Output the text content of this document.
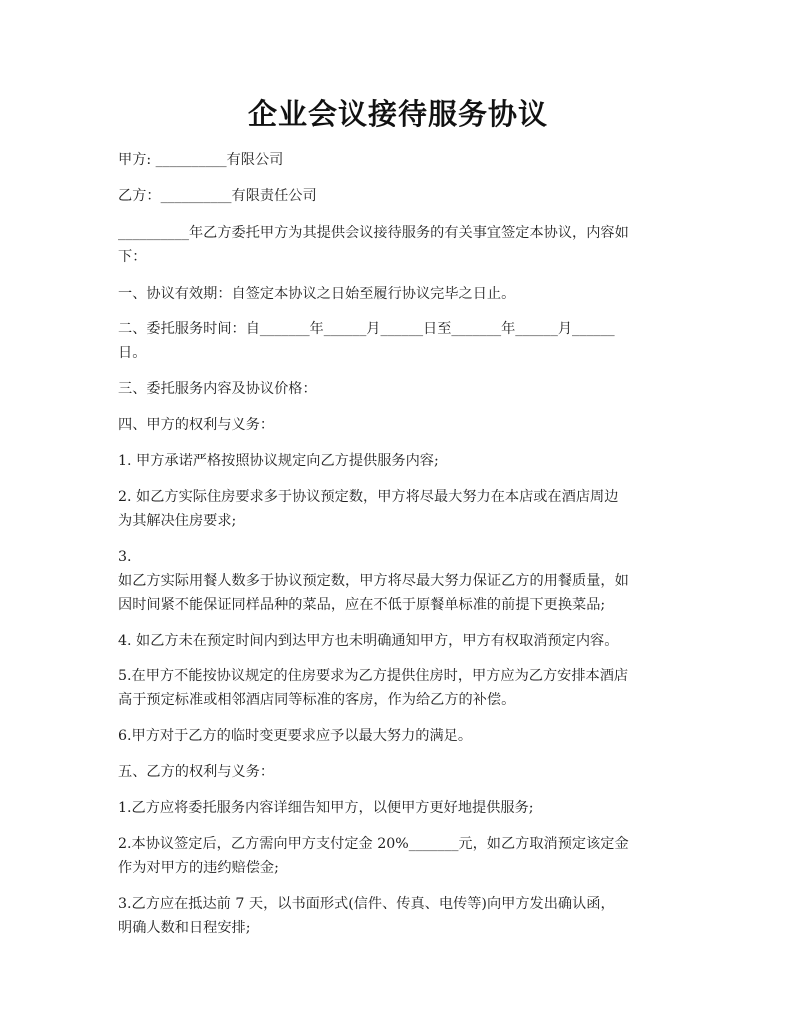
企业会议接待服务协议
甲方: __________有限公司
乙方：__________有限责任公司
__________年乙方委托甲方为其提供会议接待服务的有关事宜签定本协议，内容如
下：
一、协议有效期：自签定本协议之日始至履行协议完毕之日止。
二、委托服务时间：自_______年______月______日至_______年______月______
日。
三、委托服务内容及协议价格：
四、甲方的权利与义务：
1. 甲方承诺严格按照协议规定向乙方提供服务内容;
2. 如乙方实际住房要求多于协议预定数，甲方将尽最大努力在本店或在酒店周边
为其解决住房要求;
3.
如乙方实际用餐人数多于协议预定数，甲方将尽最大努力保证乙方的用餐质量，如
因时间紧不能保证同样品种的菜品，应在不低于原餐单标准的前提下更换菜品;
4. 如乙方未在预定时间内到达甲方也未明确通知甲方，甲方有权取消预定内容。
5.在甲方不能按协议规定的住房要求为乙方提供住房时，甲方应为乙方安排本酒店
高于预定标准或相邻酒店同等标准的客房，作为给乙方的补偿。
6.甲方对于乙方的临时变更要求应予以最大努力的满足。
五、乙方的权利与义务：
1.乙方应将委托服务内容详细告知甲方，以便甲方更好地提供服务;
2.本协议签定后，乙方需向甲方支付定金 20%_______元，如乙方取消预定该定金
作为对甲方的违约赔偿金;
3.乙方应在抵达前 7 天，以书面形式(信件、传真、电传等)向甲方发出确认函，
明确人数和日程安排;
